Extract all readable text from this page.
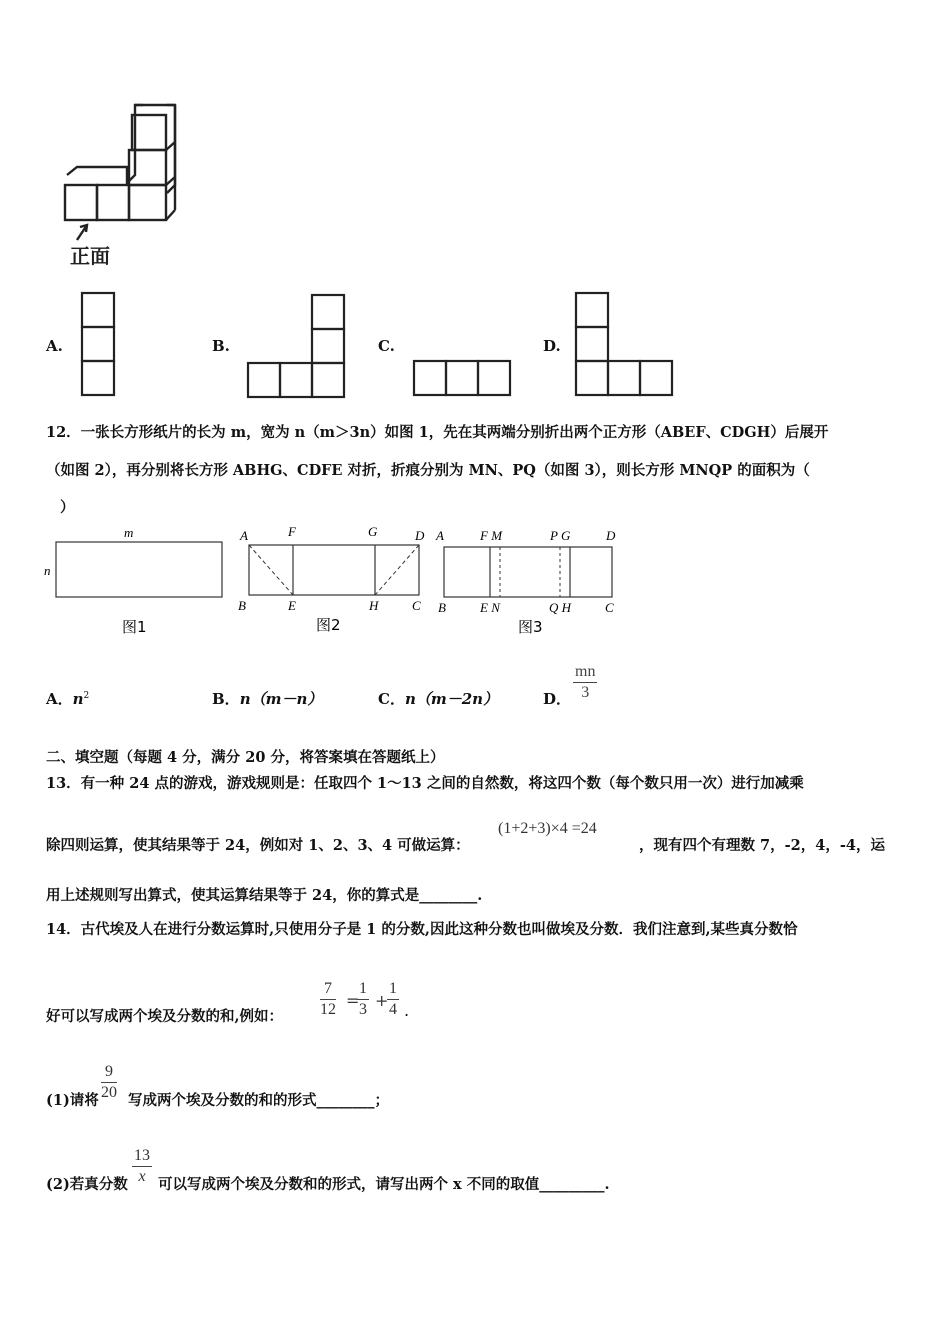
正面
A.	B.	C.	D.
12．一张长方形纸片的长为 m，宽为 n（m＞3n）如图 1，先在其两端分别折出两个正方形（ABEF、CDGH）后展开
（如图 2），再分别将长方形 ABHG、CDFE 对折，折痕分别为 MN、PQ（如图 3），则长方形 MNQP 的面积为（
）
m
n
图1
A	F	G	D
B	E	H	C
图2
A	F M	P G	D
B	E N	Q H	C
图3
A．$n^2$	B．n（m－n）	C．n（m－2n）	D． $\frac{mn}{3}$
二、填空题（每题 4 分，满分 20 分，将答案填在答题纸上）
13．有一种 24 点的游戏，游戏规则是：任取四个 1～13 之间的自然数，将这四个数（每个数只用一次）进行加减乘
除四则运算，使其结果等于 24，例如对 1、2、3、4 可做运算：
(1+2+3)×4 =24
，现有四个有理数 7，-2，4，-4，运
用上述规则写出算式，使其运算结果等于 24，你的算式是________.
14．古代埃及人在进行分数运算时,只使用分子是 1 的分数,因此这种分数也叫做埃及分数．我们注意到,某些真分数恰
好可以写成两个埃及分数的和,例如： $\frac{7}{12}$ =
$\frac{1}{3}$ +
$\frac{1}{4}$ .
(1)请将 $\frac{9}{20}$ 写成两个埃及分数的和的形式________；
(2)若真分数 $\frac{13}{x}$ 可以写成两个埃及分数和的形式，请写出两个 x 不同的取值_________.
